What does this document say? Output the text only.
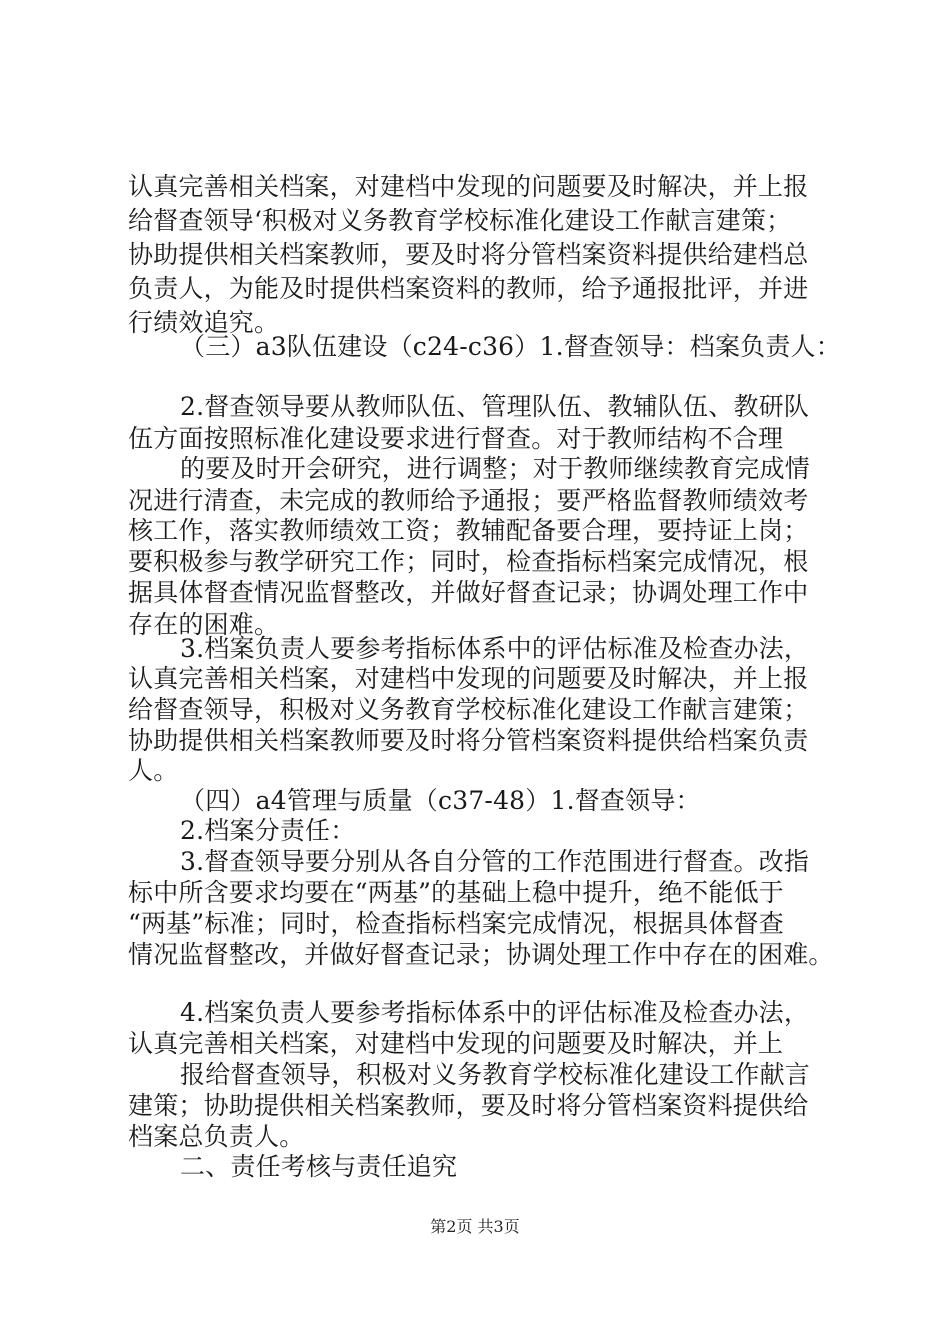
认真完善相关档案，对建档中发现的问题要及时解决，并上报
给督查领导‘积极对义务教育学校标准化建设工作献言建策；
协助提供相关档案教师，要及时将分管档案资料提供给建档总
负责人，为能及时提供档案资料的教师，给予通报批评，并进
行绩效追究。
（三）a3队伍建设（c24-c36）1.督查领导：档案负责人：
2.督查领导要从教师队伍、管理队伍、教辅队伍、教研队
伍方面按照标准化建设要求进行督查。对于教师结构不合理
的要及时开会研究，进行调整；对于教师继续教育完成情
况进行清查，未完成的教师给予通报；要严格监督教师绩效考
核工作，落实教师绩效工资；教辅配备要合理，要持证上岗；
要积极参与教学研究工作；同时，检查指标档案完成情况，根
据具体督查情况监督整改，并做好督查记录；协调处理工作中
存在的困难。
3.档案负责人要参考指标体系中的评估标准及检查办法，
认真完善相关档案，对建档中发现的问题要及时解决，并上报
给督查领导，积极对义务教育学校标准化建设工作献言建策；
协助提供相关档案教师要及时将分管档案资料提供给档案负责
人。
（四）a4管理与质量（c37-48）1.督查领导：
2.档案分责任：
3.督查领导要分别从各自分管的工作范围进行督查。改指
标中所含要求均要在“两基”的基础上稳中提升，绝不能低于
“两基”标准；同时，检查指标档案完成情况，根据具体督查
情况监督整改，并做好督查记录；协调处理工作中存在的困难。
4.档案负责人要参考指标体系中的评估标准及检查办法，
认真完善相关档案，对建档中发现的问题要及时解决，并上
报给督查领导，积极对义务教育学校标准化建设工作献言
建策；协助提供相关档案教师，要及时将分管档案资料提供给
档案总负责人。
二、责任考核与责任追究
第2页 共3页
